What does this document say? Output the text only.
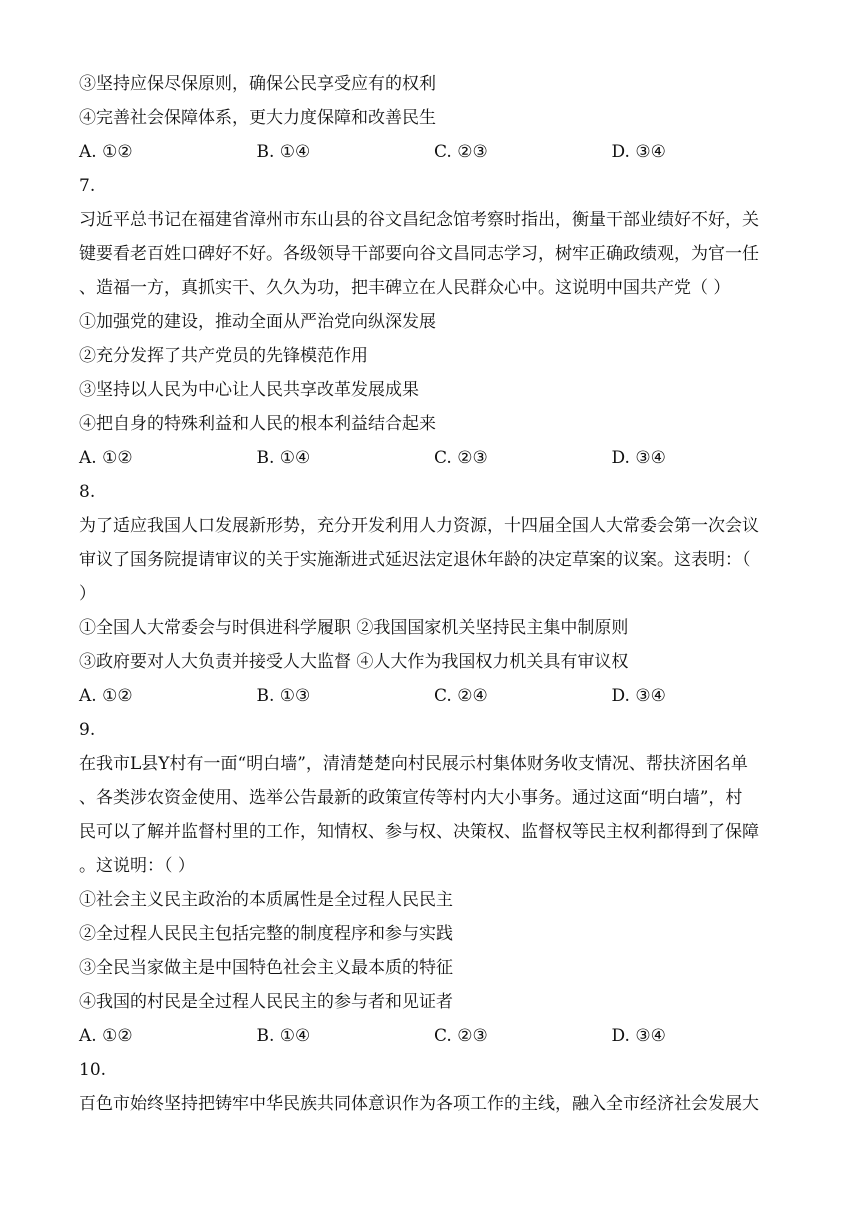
③坚持应保尽保原则，确保公民享受应有的权利
④完善社会保障体系，更大力度保障和改善民生
A. ①②	B. ①④	C. ②③	D. ③④
7.
习近平总书记在福建省漳州市东山县的谷文昌纪念馆考察时指出，衡量干部业绩好不好，关
键要看老百姓口碑好不好。各级领导干部要向谷文昌同志学习，树牢正确政绩观，为官一任
、造福一方，真抓实干、久久为功，把丰碑立在人民群众心中。这说明中国共产党（ ）
①加强党的建设，推动全面从严治党向纵深发展
②充分发挥了共产党员的先锋模范作用
③坚持以人民为中心让人民共享改革发展成果
④把自身的特殊利益和人民的根本利益结合起来
A. ①②	B. ①④	C. ②③	D. ③④
8.
为了适应我国人口发展新形势，充分开发利用人力资源，十四届全国人大常委会第一次会议
审议了国务院提请审议的关于实施渐进式延迟法定退休年龄的决定草案的议案。这表明：（
）
①全国人大常委会与时俱进科学履职 ②我国国家机关坚持民主集中制原则
③政府要对人大负责并接受人大监督 ④人大作为我国权力机关具有审议权
A. ①②	B. ①③	C. ②④	D. ③④
9.
在我市L县Y村有一面“明白墙”，清清楚楚向村民展示村集体财务收支情况、帮扶济困名单
、各类涉农资金使用、选举公告最新的政策宣传等村内大小事务。通过这面“明白墙”，村
民可以了解并监督村里的工作，知情权、参与权、决策权、监督权等民主权利都得到了保障
。这说明：（ ）
①社会主义民主政治的本质属性是全过程人民民主
②全过程人民民主包括完整的制度程序和参与实践
③全民当家做主是中国特色社会主义最本质的特征
④我国的村民是全过程人民民主的参与者和见证者
A. ①②	B. ①④	C. ②③	D. ③④
10.
百色市始终坚持把铸牢中华民族共同体意识作为各项工作的主线，融入全市经济社会发展大
